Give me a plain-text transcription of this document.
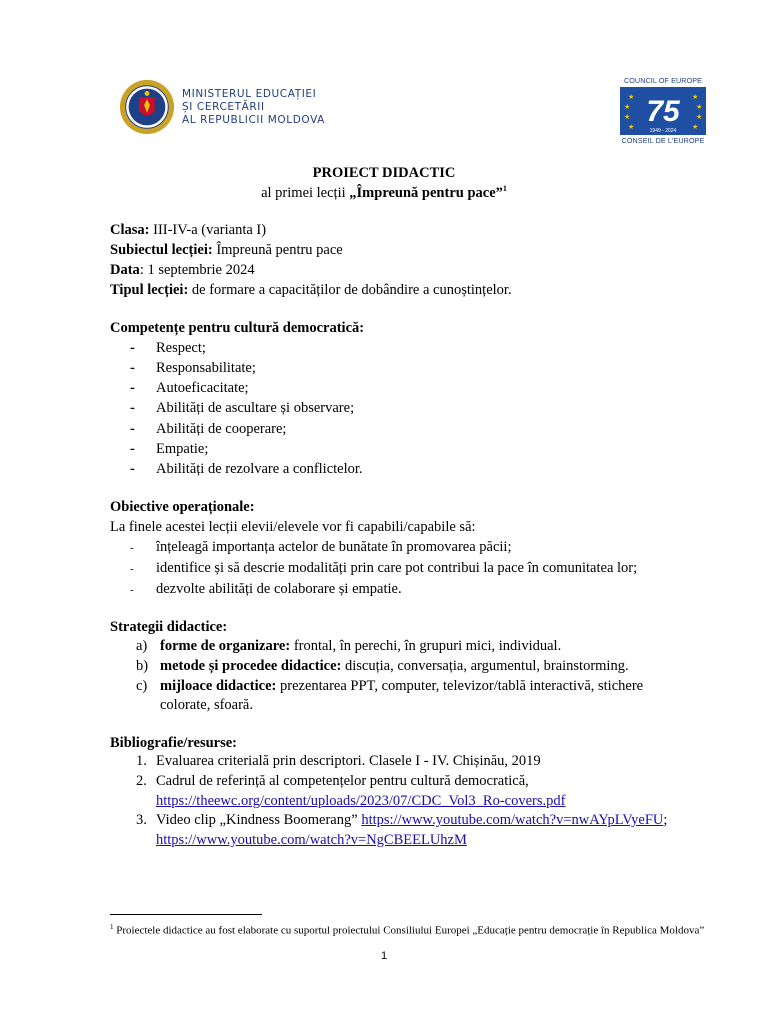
MINISTERUL EDUCAȚIEI
ȘI CERCETĂRII
AL REPUBLICII MOLDOVA
COUNCIL OF EUROPE
★
★
★
★
★
★
★
★
75
1949 - 2024
CONSEIL DE L'EUROPE
PROIECT DIDACTIC
al primei lecții „Împreună pentru pace”$^1$
Clasa: III-IV-a (varianta I)
Subiectul lecției: Împreună pentru pace
Data: 1 septembrie 2024
Tipul lecției: de formare a capacităților de dobândire a cunoștințelor.
Competențe pentru cultură democratică:
- Respect;
- Responsabilitate;
- Autoeficacitate;
- Abilități de ascultare și observare;
- Abilități de cooperare;
- Empatie;
- Abilități de rezolvare a conflictelor.
Obiective operaționale:
La finele acestei lecții elevii/elevele vor fi capabili/capabile să:
- înțeleagă importanța actelor de bunătate în promovarea păcii;
- identifice și să descrie modalități prin care pot contribui la pace în comunitatea lor;
- dezvolte abilități de colaborare și empatie.
Strategii didactice:
a) forme de organizare: frontal, în perechi, în grupuri mici, individual.
b) metode și procedee didactice: discuția, conversația, argumentul, brainstorming.
c) mijloace didactice: prezentarea PPT, computer, televizor/tablă interactivă, stichere
colorate, sfoară.
Bibliografie/resurse:
1. Evaluarea criterială prin descriptori. Clasele I - IV. Chișinău, 2019
2. Cadrul de referință al competențelor pentru cultură democratică,
https://theewc.org/content/uploads/2023/07/CDC_Vol3_Ro-covers.pdf
3. Video clip „Kindness Boomerang” https://www.youtube.com/watch?v=nwAYpLVyeFU;
https://www.youtube.com/watch?v=NgCBEELUhzM
$^1$ Proiectele didactice au fost elaborate cu suportul proiectului Consiliului Europei „Educație pentru democrație în Republica Moldova”
1
